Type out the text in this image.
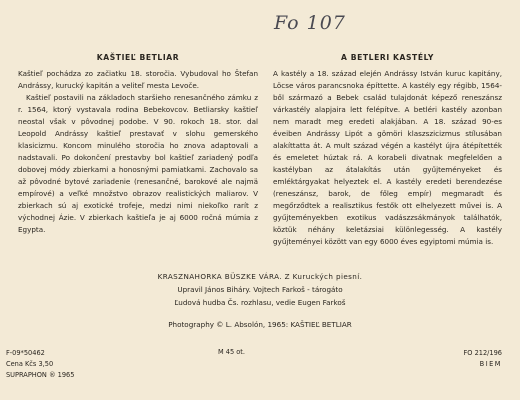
Fo 107
KAŠTIEĽ BETLIAR

Kaštieľ pochádza zo začiatku 18. storočia. Vybudoval ho Štefan Andrássy, kurucký kapitán a veliteľ mesta Levoče.

Kaštieľ postavili na základoch staršieho renesančného zámku z r. 1564, ktorý vystavala rodina Bebekovcov. Betliarsky kaštieľ neostal však v pôvodnej podobe. V 90. rokoch 18. stor. dal Leopold Andrássy kaštieľ prestavať v slohu gemerského klasicizmu. Koncom minulého storočia ho znova adaptovali a nadstavali. Po dokončení prestavby bol kaštieľ zariadený podľa dobovej módy zbierkami a honosnými pamiatkami. Zachovalo sa až pôvodné bytové zariadenie (renesančné, barokové ale najmä empírové) a veľké množstvo obrazov realistických maliarov. V zbierkach sú aj exotické trofeje, medzi nimi niekoľko rarít z východnej Ázie. V zbierkach kaštieľa je aj 6000 ročná múmia z Egypta.

A BETLERI KASTÉLY

A kastély a 18. század elején Andrássy István kuruc kapitány, Löcse város parancsnoka építtette. A kastély egy régibb, 1564-ből származó a Bebek család tulajdonát képező reneszánsz várkastély alapjaira lett felépítve. A betléri kastély azonban nem maradt meg eredeti alakjában. A 18. század 90-es éveiben Andrássy Lipót a gömöri klaszszicizmus stílusában alakíttatta át. A mult század végén a kastélyt újra átépítették és emeletet húztak rá. A korabeli divatnak megfelelően a kastélyban az átalakítás után gyűjteményeket és emléktárgyakat helyeztek el. A kastély eredeti berendezése (reneszánsz, barok, de főleg empír) megmaradt és megőrződtek a realisztikus festők ott elhelyezett művei is. A gyűjteményekben exotikus vadászzsákmányok találhatók, köztük néhány keletázsiai különlegesség. A kastély gyűjteményei között van egy 6000 éves egyiptomi múmia is.

KRASZNAHORKA BÜSZKE VÁRA. Z Kuruckých piesní.
Upravil János Biháry. Vojtech Farkoš - tárogáto
Ľudová hudba Čs. rozhlasu, vedie Eugen Farkoš
Photography © L. Absolón, 1965: KAŠTIEĽ BETLIAR
F-09*50462
Cena Kčs 3,50
SUPRAPHON ® 1965
M 45 ot.	FO 212/196
BIEM
